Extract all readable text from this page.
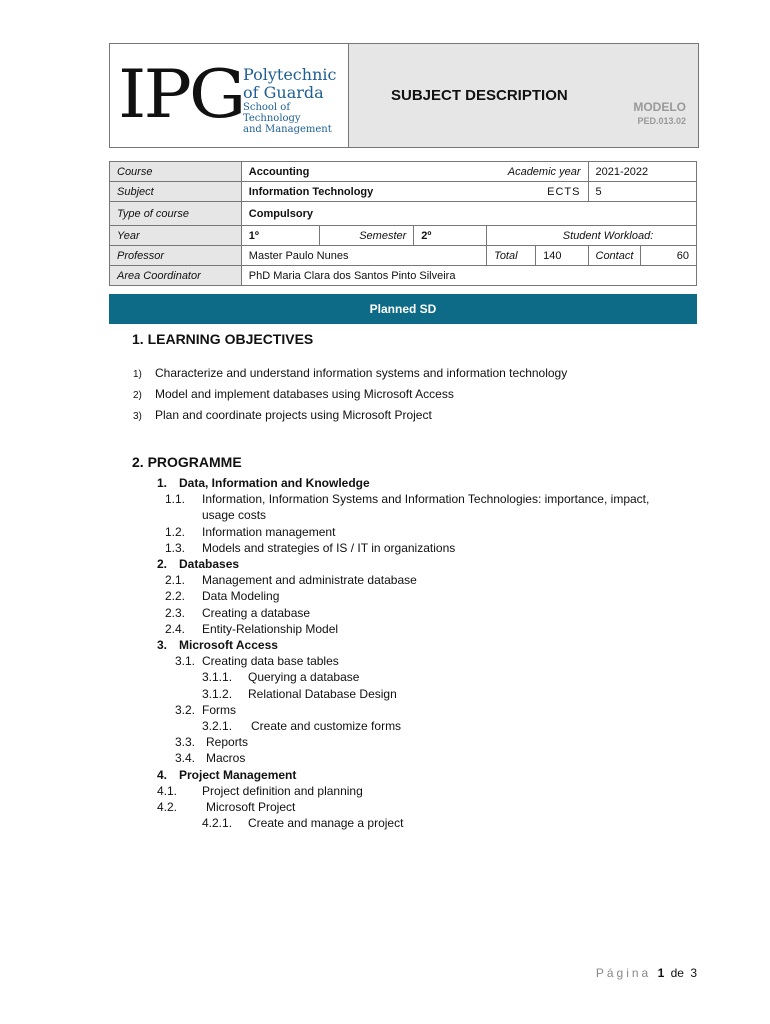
IPG Polytechnic
of Guarda
School of Technology
and Management
SUBJECT DESCRIPTION
MODELO
PED.013.02
Course	Accounting		Academic year			2021-2022	
Subject	Information Technology		ECTS			5	
Type of course	Compulsory						
Year	1º	Semester	2º	Student Workload:			
Professor	Master Paulo Nunes			Total	140	Contact	60
Area Coordinator	PhD Maria Clara dos Santos Pinto Silveira						
Planned SD
1. LEARNING OBJECTIVES
1) Characterize and understand information systems and information technology
2) Model and implement databases using Microsoft Access
3) Plan and coordinate projects using Microsoft Project
2. PROGRAMME
1. Data, Information and Knowledge
1.1. Information, Information Systems and Information Technologies: importance, impact,
usage costs
1.2. Information management
1.3. Models and strategies of IS / IT in organizations
2. Databases
2.1. Management and administrate database
2.2. Data Modeling
2.3. Creating a database
2.4. Entity-Relationship Model
3. Microsoft Access
3.1. Creating data base tables
3.1.1. Querying a database
3.1.2. Relational Database Design
3.2. Forms
3.2.1. Create and customize forms
3.3. Reports
3.4. Macros
4. Project Management
4.1. Project definition and planning
4.2. Microsoft Project
4.2.1. Create and manage a project
Página 1 de 3
